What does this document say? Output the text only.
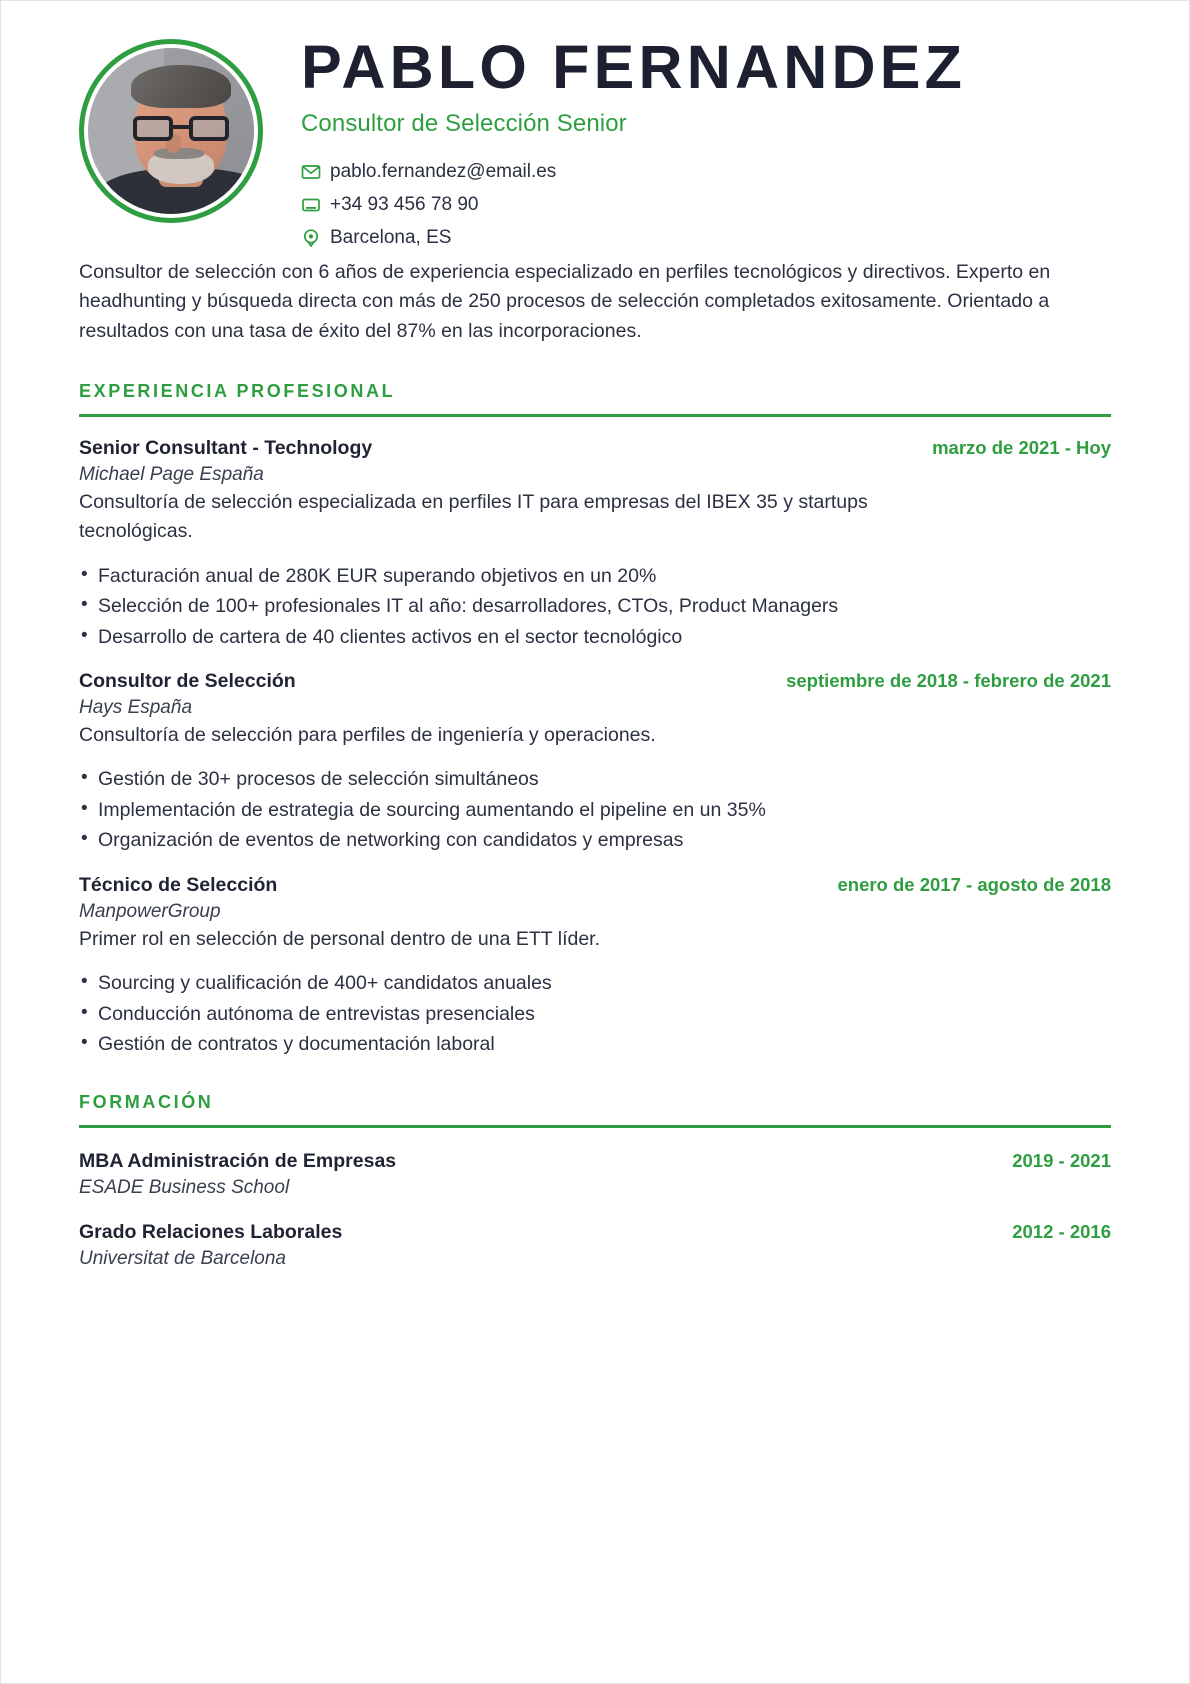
PABLO FERNANDEZ
Consultor de Selección Senior
pablo.fernandez@email.es
+34 93 456 78 90
Barcelona, ES
Consultor de selección con 6 años de experiencia especializado en perfiles tecnológicos y directivos. Experto en headhunting y búsqueda directa con más de 250 procesos de selección completados exitosamente. Orientado a resultados con una tasa de éxito del 87% en las incorporaciones.
EXPERIENCIA PROFESIONAL
Senior Consultant - Technology	marzo de 2021 - Hoy
Michael Page España
Consultoría de selección especializada en perfiles IT para empresas del IBEX 35 y startups tecnológicas.
• Facturación anual de 280K EUR superando objetivos en un 20%
• Selección de 100+ profesionales IT al año: desarrolladores, CTOs, Product Managers
• Desarrollo de cartera de 40 clientes activos en el sector tecnológico
Consultor de Selección	septiembre de 2018 - febrero de 2021
Hays España
Consultoría de selección para perfiles de ingeniería y operaciones.
• Gestión de 30+ procesos de selección simultáneos
• Implementación de estrategia de sourcing aumentando el pipeline en un 35%
• Organización de eventos de networking con candidatos y empresas
Técnico de Selección	enero de 2017 - agosto de 2018
ManpowerGroup
Primer rol en selección de personal dentro de una ETT líder.
• Sourcing y cualificación de 400+ candidatos anuales
• Conducción autónoma de entrevistas presenciales
• Gestión de contratos y documentación laboral
FORMACIÓN
MBA Administración de Empresas	2019 - 2021
ESADE Business School
Grado Relaciones Laborales	2012 - 2016
Universitat de Barcelona
